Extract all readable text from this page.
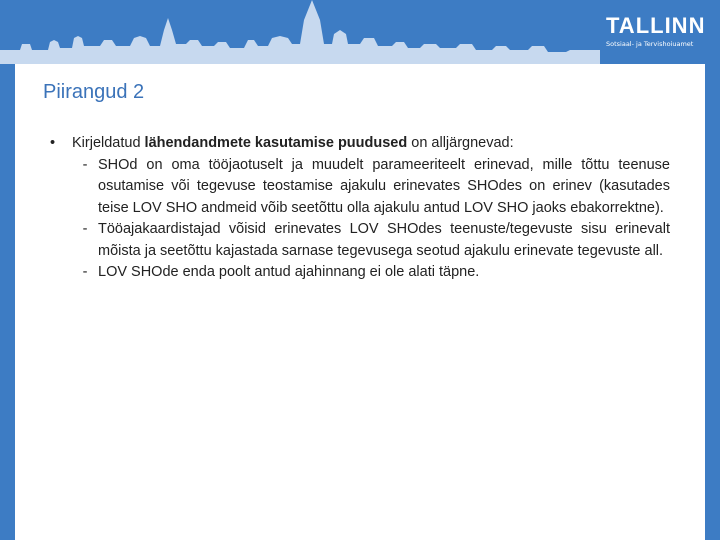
TALLINN
Sotsiaal- ja Tervishoiuamet
Piirangud 2
•	Kirjeldatud lähendandmete kasutamise puudused on alljärgnevad:
- SHOd on oma tööjaotuselt ja muudelt parameeriteelt erinevad, mille tõttu teenuse osutamise või tegevuse teostamise ajakulu erinevates SHOdes on erinev (kasutades teise LOV SHO andmeid võib seetõttu olla ajakulu antud LOV SHO jaoks ebakorrektne).
- Tööajakaardistajad võisid erinevates LOV SHOdes teenuste/tegevuste sisu erinevalt mõista ja seetõttu kajastada sarnase tegevusega seotud ajakulu erinevate tegevuste all.
- LOV SHOde enda poolt antud ajahinnang ei ole alati täpne.
